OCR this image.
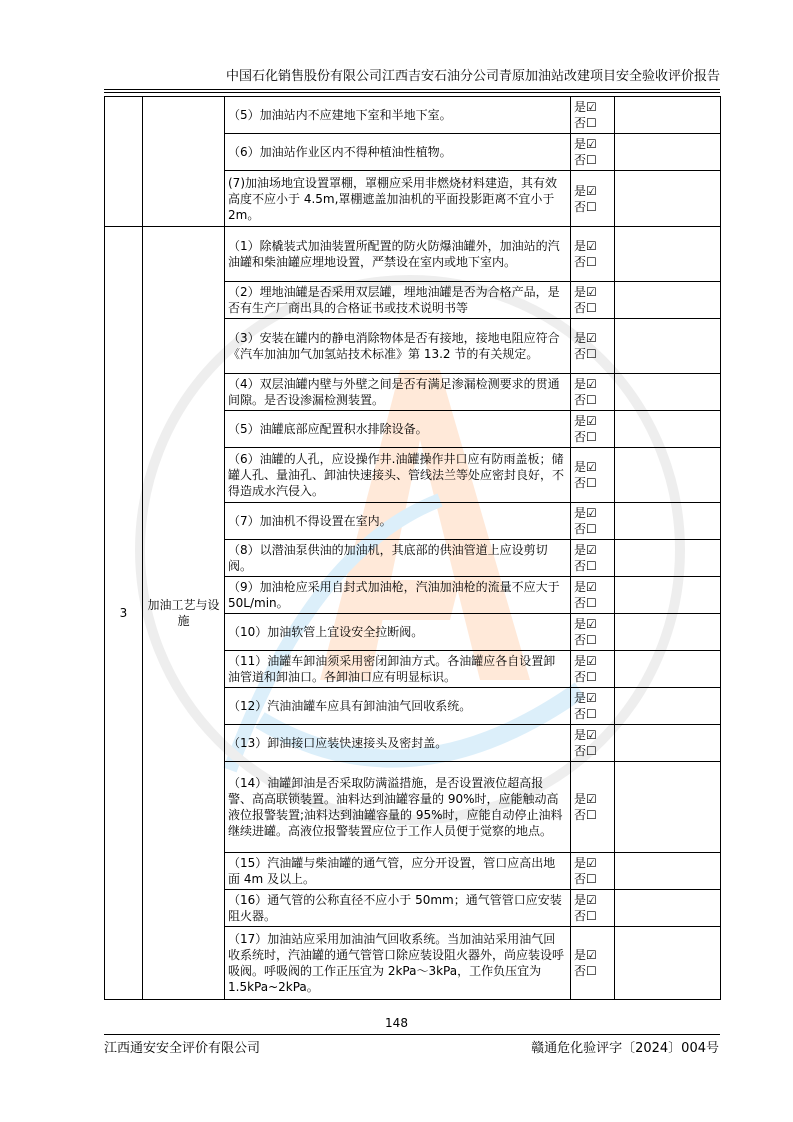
中国石化销售股份有限公司江西吉安石油分公司青原加油站改建项目安全验收评价报告
		（5）加油站内不应建地下室和半地下室。	是☑
否☐	
		（6）加油站作业区内不得种植油性植物。	是☑
否☐	
		(7)加油场地宜设置罩棚，罩棚应采用非燃烧材料建造，其有效高度不应小于 4.5m,罩棚遮盖加油机的平面投影距离不宜小于 2m。	是☑
否☐	
3	加油工艺与设施	（1）除橇装式加油装置所配置的防火防爆油罐外，加油站的汽油罐和柴油罐应埋地设置，严禁设在室内或地下室内。	是☑
否☐	
		（2）埋地油罐是否采用双层罐，埋地油罐是否为合格产品，是否有生产厂商出具的合格证书或技术说明书等	是☑
否☐	
		（3）安装在罐内的静电消除物体是否有接地，接地电阻应符合《汽车加油加气加氢站技术标准》第 13.2 节的有关规定。	是☑
否☐	
		（4）双层油罐内壁与外壁之间是否有满足渗漏检测要求的贯通间隙。是否设渗漏检测装置。	是☑
否☐	
		（5）油罐底部应配置积水排除设备。	是☑
否☐	
		（6）油罐的人孔，应设操作井.油罐操作井口应有防雨盖板；储罐人孔、量油孔、卸油快速接头、管线法兰等处应密封良好，不得造成水汽侵入。	是☑
否☐	
		（7）加油机不得设置在室内。	是☑
否☐	
		（8）以潜油泵供油的加油机，其底部的供油管道上应设剪切阀。	是☑
否☐	
		（9）加油枪应采用自封式加油枪，汽油加油枪的流量不应大于 50L/min。	是☑
否☐	
		（10）加油软管上宜设安全拉断阀。	是☑
否☐	
		（11）油罐车卸油须采用密闭卸油方式。各油罐应各自设置卸油管道和卸油口。各卸油口应有明显标识。	是☑
否☐	
		（12）汽油油罐车应具有卸油油气回收系统。	是☑
否☐	
		（13）卸油接口应装快速接头及密封盖。	是☑
否☐	
		（14）油罐卸油是否采取防满溢措施，是否设置液位超高报警、高高联锁装置。油料达到油罐容量的 90%时，应能触动高液位报警装置;油料达到油罐容量的 95%时，应能自动停止油料继续进罐。高液位报警装置应位于工作人员便于觉察的地点。	是☑
否☐	
		（15）汽油罐与柴油罐的通气管，应分开设置，管口应高出地面 4m 及以上。	是☑
否☐	
		（16）通气管的公称直径不应小于 50mm；通气管管口应安装阻火器。	是☑
否☐	
		（17）加油站应采用加油油气回收系统。当加油站采用油气回收系统时，汽油罐的通气管管口除应装设阻火器外，尚应装设呼吸阀。呼吸阀的工作正压宜为 2kPa～3kPa，工作负压宜为 1.5kPa~2kPa。	是☑
否☐	
148
江西通安安全评价有限公司	赣通危化验评字〔2024〕004号
